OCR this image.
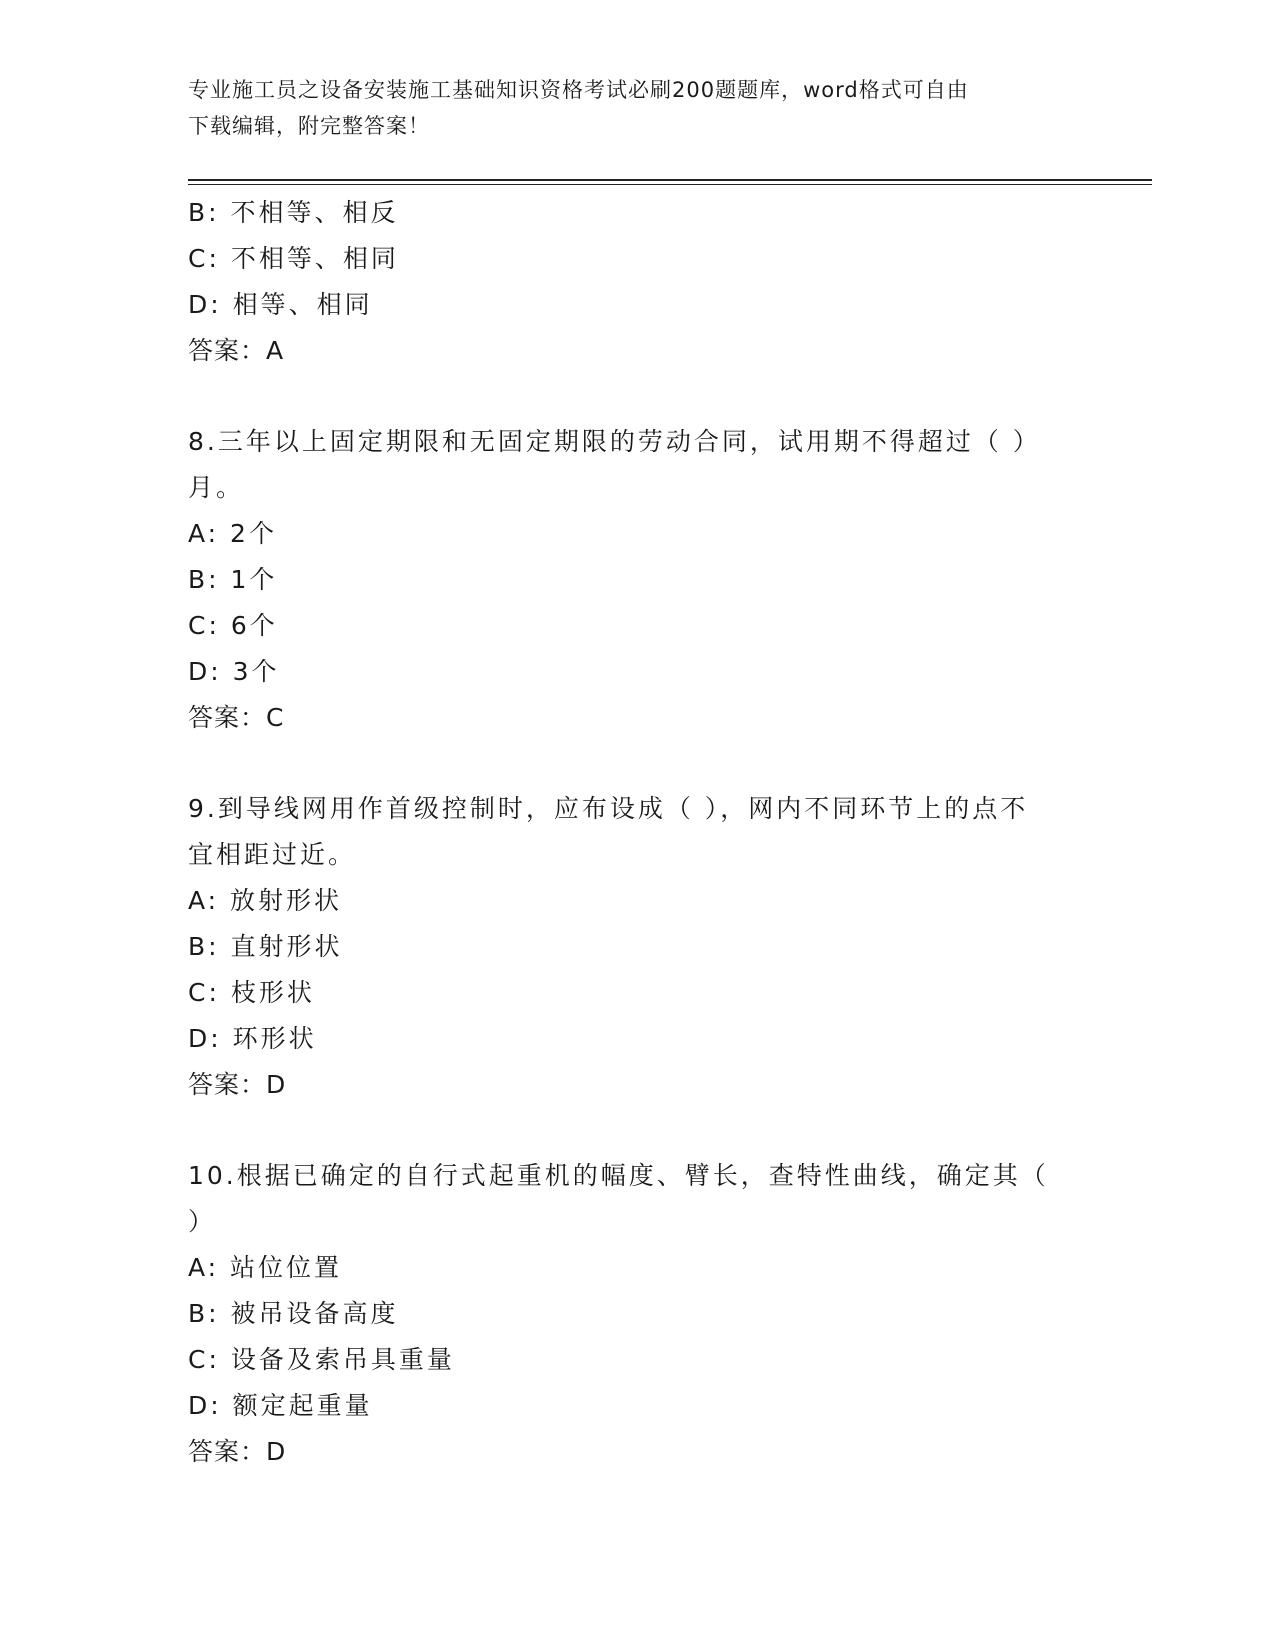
专业施工员之设备安装施工基础知识资格考试必刷200题题库，word格式可自由
下载编辑，附完整答案！
B: 不相等、相反
C: 不相等、相同
D: 相等、相同
答案：A
8.三年以上固定期限和无固定期限的劳动合同，试用期不得超过（ ）
月。
A: 2个
B: 1个
C: 6个
D: 3个
答案：C
9.到导线网用作首级控制时，应布设成（ ），网内不同环节上的点不
宜相距过近。
A: 放射形状
B: 直射形状
C: 枝形状
D: 环形状
答案：D
10.根据已确定的自行式起重机的幅度、臂长，查特性曲线，确定其（
）
A: 站位位置
B: 被吊设备高度
C: 设备及索吊具重量
D: 额定起重量
答案：D
